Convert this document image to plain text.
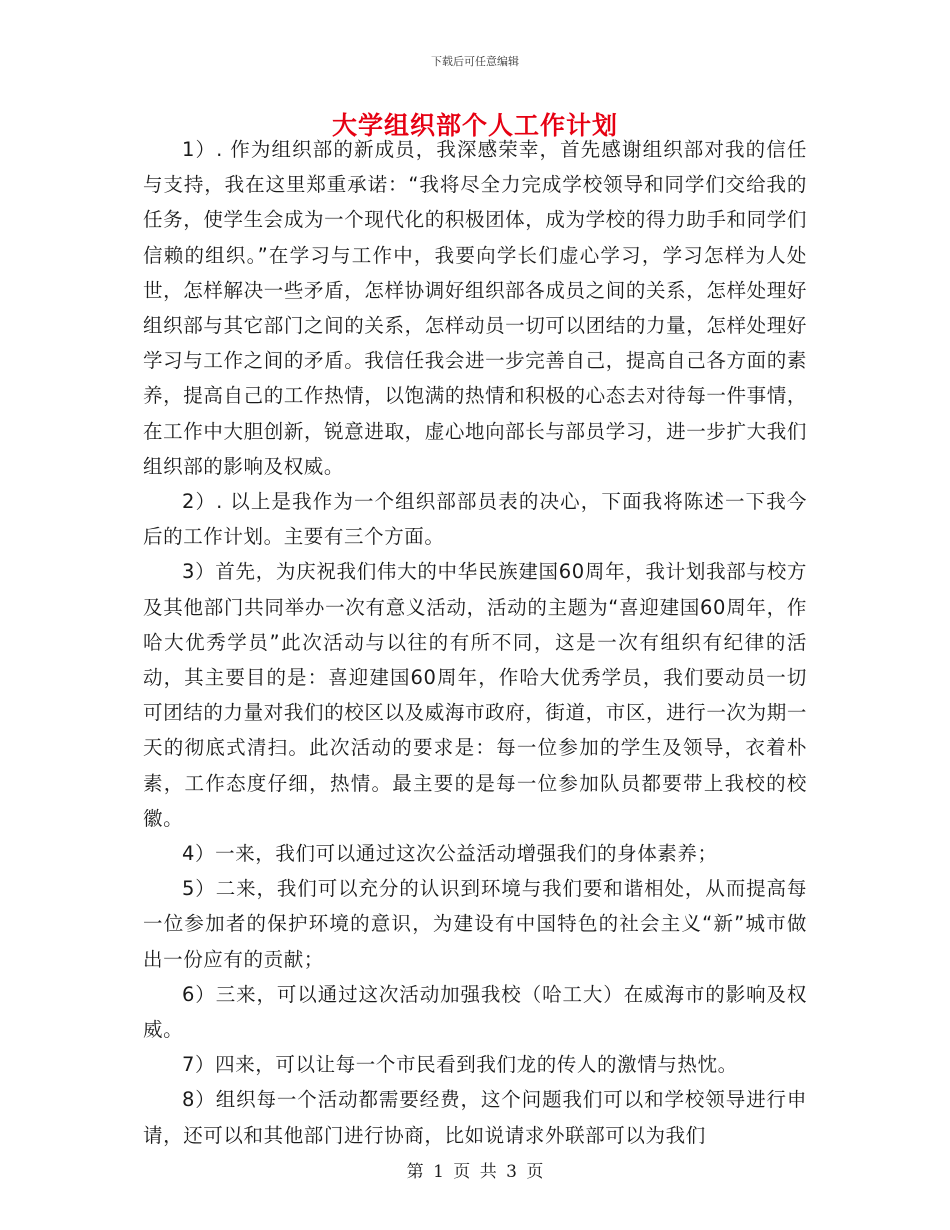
下载后可任意编辑
大学组织部个人工作计划

1）. 作为组织部的新成员，我深感荣幸，首先感谢组织部对我的信任与支持，我在这里郑重承诺：“我将尽全力完成学校领导和同学们交给我的任务，使学生会成为一个现代化的积极团体，成为学校的得力助手和同学们信赖的组织。”在学习与工作中，我要向学长们虚心学习，学习怎样为人处世，怎样解决一些矛盾，怎样协调好组织部各成员之间的关系，怎样处理好组织部与其它部门之间的关系，怎样动员一切可以团结的力量，怎样处理好学习与工作之间的矛盾。我信任我会进一步完善自己，提高自己各方面的素养，提高自己的工作热情，以饱满的热情和积极的心态去对待每一件事情，在工作中大胆创新，锐意进取，虚心地向部长与部员学习，进一步扩大我们组织部的影响及权威。

2）. 以上是我作为一个组织部部员表的决心，下面我将陈述一下我今后的工作计划。主要有三个方面。

3）首先，为庆祝我们伟大的中华民族建国60周年，我计划我部与校方及其他部门共同举办一次有意义活动，活动的主题为“喜迎建国60周年，作哈大优秀学员”此次活动与以往的有所不同，这是一次有组织有纪律的活动，其主要目的是：喜迎建国60周年，作哈大优秀学员，我们要动员一切可团结的力量对我们的校区以及威海市政府，街道，市区，进行一次为期一天的彻底式清扫。此次活动的要求是：每一位参加的学生及领导，衣着朴素，工作态度仔细，热情。最主要的是每一位参加队员都要带上我校的校徽。

4）一来，我们可以通过这次公益活动增强我们的身体素养；

5）二来，我们可以充分的认识到环境与我们要和谐相处，从而提高每一位参加者的保护环境的意识，为建设有中国特色的社会主义“新”城市做出一份应有的贡献；

6）三来，可以通过这次活动加强我校（哈工大）在威海市的影响及权威。

7）四来，可以让每一个市民看到我们龙的传人的激情与热忱。

8）组织每一个活动都需要经费，这个问题我们可以和学校领导进行申请，还可以和其他部门进行协商，比如说请求外联部可以为我们

第 1 页 共 3 页
